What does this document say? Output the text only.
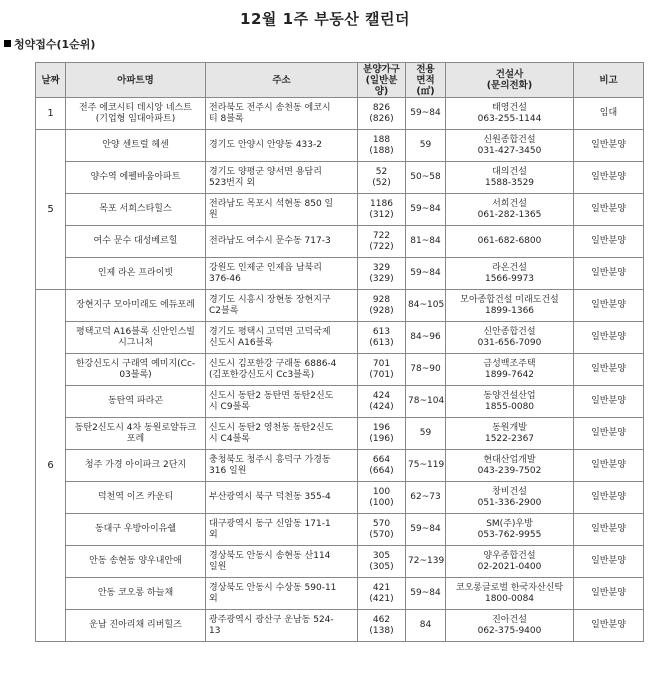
12월 1주 부동산 캘린더
청약접수(1순위)
날짜	아파트명	주소	분양가구
(일반분양)	전용
면적
(㎡)	건설사
(문의전화)	비고
1	전주 에코시티 데시앙 네스트
(기업형 임대아파트)	전라북도 전주시 송천동 에코시
티 8블록	826
(826)	59~84	태영건설
063-255-1144	임대
5	안양 센트럴 헤센	경기도 안양시 안양동 433-2	188
(188)	59	신원종합건설
031-427-3450	일반분양
	양수역 에펠바움아파트	경기도 양평군 양서면 용담리
523번지 외	52
(52)	50~58	대의건설
1588-3529	일반분양
	목포 서희스타힐스	전라남도 목포시 석현동 850 일
원	1186
(312)	59~84	서희건설
061-282-1365	일반분양
	여수 문수 대성베르힐	전라남도 여수시 문수동 717-3	722
(722)	81~84	061-682-6800	일반분양
	인제 라온 프라이빗	강원도 인제군 인제읍 남북리
376-46	329
(329)	59~84	라온건설
1566-9973	일반분양
6	장현지구 모아미래도 에듀포레	경기도 시흥시 장현동 장현지구
C2블록	928
(928)	84~105	모아종합건설 미래도건설
1899-1366	일반분양
	평택고덕 A16블록 신안인스빌
시그니처	경기도 평택시 고덕면 고덕국제
신도시 A16블록	613
(613)	84~96	신안종합건설
031-656-7090	일반분양
	한강신도시 구래역 예미지(Cc-
03블록)	신도시 김포한강 구래동 6886-4
(김포한강신도시 Cc3블록)	701
(701)	78~90	금성백조주택
1899-7642	일반분양
	동탄역 파라곤	신도시 동탄2 동탄면 동탄2신도
시 C9블록	424
(424)	78~104	동양건설산업
1855-0080	일반분양
	동탄2신도시 4차 동원로얄듀크
포레	신도시 동탄2 영천동 동탄2신도
시 C4블록	196
(196)	59	동원개발
1522-2367	일반분양
	청주 가경 아이파크 2단지	충청북도 청주시 흥덕구 가경동
316 일원	664
(664)	75~119	현대산업개발
043-239-7502	일반분양
	덕천역 이즈 카운티	부산광역시 북구 덕천동 355-4	100
(100)	62~73	창비건설
051-336-2900	일반분양
	동대구 우방아이유쉘	대구광역시 동구 신암동 171-1
외	570
(570)	59~84	SM(주)우방
053-762-9955	일반분양
	안동 송현동 양우내안애	경상북도 안동시 송현동 산114
일원	305
(305)	72~139	양우종합건설
02-2021-0400	일반분양
	안동 코오롱 하늘채	경상북도 안동시 수상동 590-11
외	421
(421)	59~84	코오롱글로벌 한국자산신탁
1800-0084	일반분양
	운남 진아리채 리버힐즈	광주광역시 광산구 운남동 524-
13	462
(138)	84	진아건설
062-375-9400	일반분양
